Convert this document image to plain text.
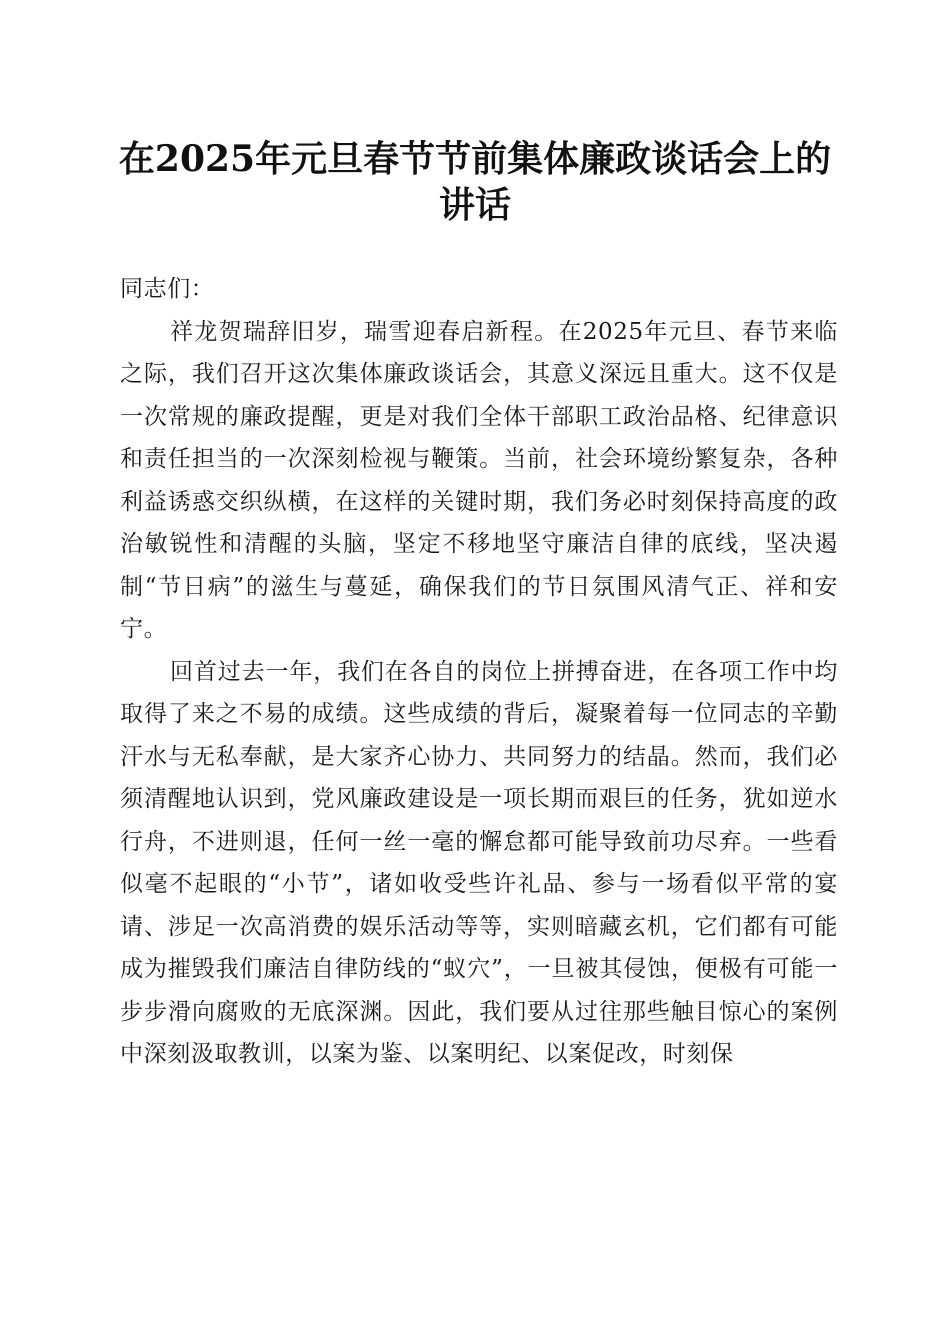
在2025年元旦春节节前集体廉政谈话会上的
讲话

同志们：

祥龙贺瑞辞旧岁，瑞雪迎春启新程。在2025年元旦、春节来临之际，我们召开这次集体廉政谈话会，其意义深远且重大。这不仅是一次常规的廉政提醒，更是对我们全体干部职工政治品格、纪律意识和责任担当的一次深刻检视与鞭策。当前，社会环境纷繁复杂，各种利益诱惑交织纵横，在这样的关键时期，我们务必时刻保持高度的政治敏锐性和清醒的头脑，坚定不移地坚守廉洁自律的底线，坚决遏制“节日病”的滋生与蔓延，确保我们的节日氛围风清气正、祥和安宁。

回首过去一年，我们在各自的岗位上拼搏奋进，在各项工作中均取得了来之不易的成绩。这些成绩的背后，凝聚着每一位同志的辛勤汗水与无私奉献，是大家齐心协力、共同努力的结晶。然而，我们必须清醒地认识到，党风廉政建设是一项长期而艰巨的任务，犹如逆水行舟，不进则退，任何一丝一毫的懈怠都可能导致前功尽弃。一些看似毫不起眼的“小节”，诸如收受些许礼品、参与一场看似平常的宴请、涉足一次高消费的娱乐活动等等，实则暗藏玄机，它们都有可能成为摧毁我们廉洁自律防线的“蚁穴”，一旦被其侵蚀，便极有可能一步步滑向腐败的无底深渊。因此，我们要从过往那些触目惊心的案例中深刻汲取教训，以案为鉴、以案明纪、以案促改，时刻保
